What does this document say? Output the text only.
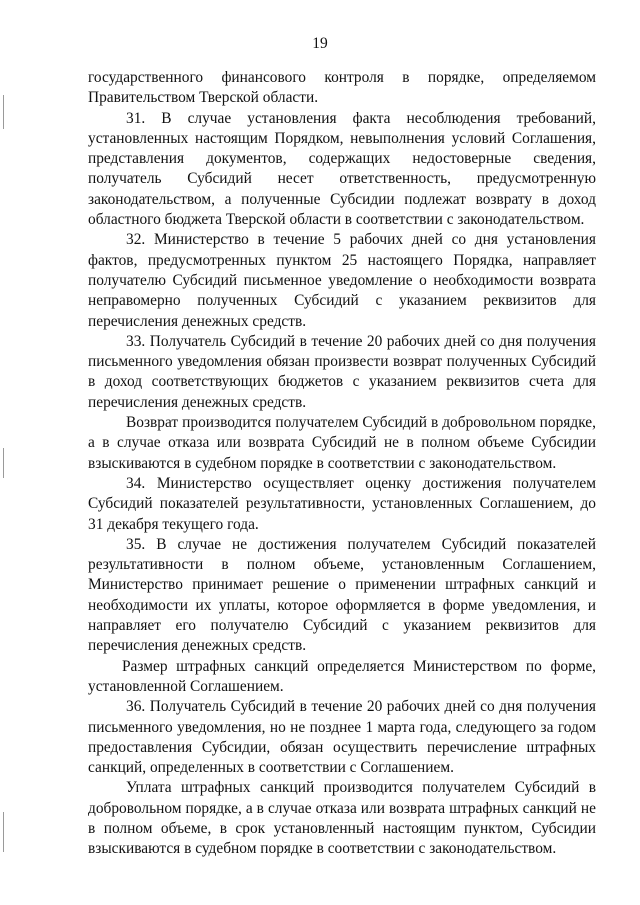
19

государственного финансового контроля в порядке, определяемом Правительством Тверской области.

31. В случае установления факта несоблюдения требований, установленных настоящим Порядком, невыполнения условий Соглашения, представления документов, содержащих недостоверные сведения, получатель Субсидий несет ответственность, предусмотренную законодательством, а полученные Субсидии подлежат возврату в доход областного бюджета Тверской области в соответствии с законодательством.

32. Министерство в течение 5 рабочих дней со дня установления фактов, предусмотренных пунктом 25 настоящего Порядка, направляет получателю Субсидий письменное уведомление о необходимости возврата неправомерно полученных Субсидий с указанием реквизитов для перечисления денежных средств.

33. Получатель Субсидий в течение 20 рабочих дней со дня получения письменного уведомления обязан произвести возврат полученных Субсидий в доход соответствующих бюджетов с указанием реквизитов счета для перечисления денежных средств.

Возврат производится получателем Субсидий в добровольном порядке, а в случае отказа или возврата Субсидий не в полном объеме Субсидии взыскиваются в судебном порядке в соответствии с законодательством.

34. Министерство осуществляет оценку достижения получателем Субсидий показателей результативности, установленных Соглашением, до 31 декабря текущего года.

35. В случае не достижения получателем Субсидий показателей результативности в полном объеме, установленным Соглашением, Министерство принимает решение о применении штрафных санкций и необходимости их уплаты, которое оформляется в форме уведомления, и направляет его получателю Субсидий с указанием реквизитов для перечисления денежных средств.

Размер штрафных санкций определяется Министерством по форме, установленной Соглашением.

36. Получатель Субсидий в течение 20 рабочих дней со дня получения письменного уведомления, но не позднее 1 марта года, следующего за годом предоставления Субсидии, обязан осуществить перечисление штрафных санкций, определенных в соответствии с Соглашением.

Уплата штрафных санкций производится получателем Субсидий в добровольном порядке, а в случае отказа или возврата штрафных санкций не в полном объеме, в срок установленный настоящим пунктом, Субсидии взыскиваются в судебном порядке в соответствии с законодательством.
